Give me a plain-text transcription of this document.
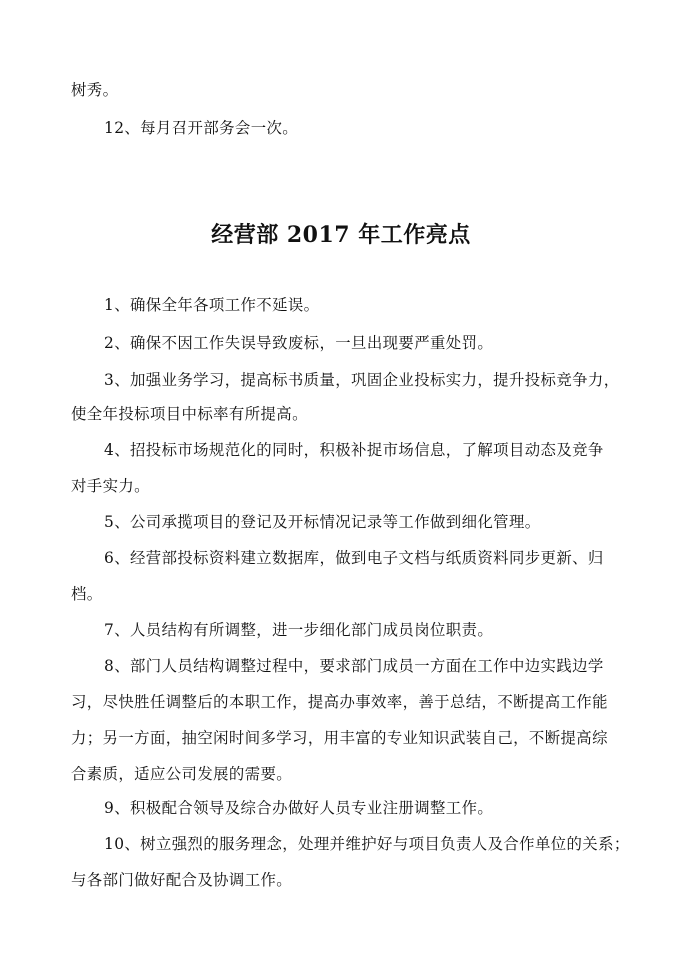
树秀。
12、每月召开部务会一次。
经营部 2017 年工作亮点
1、确保全年各项工作不延误。
2、确保不因工作失误导致废标，一旦出现要严重处罚。
3、加强业务学习，提高标书质量，巩固企业投标实力，提升投标竞争力，
使全年投标项目中标率有所提高。
4、招投标市场规范化的同时，积极补捉市场信息，了解项目动态及竞争
对手实力。
5、公司承揽项目的登记及开标情况记录等工作做到细化管理。
6、经营部投标资料建立数据库，做到电子文档与纸质资料同步更新、归
档。
7、人员结构有所调整，进一步细化部门成员岗位职责。
8、部门人员结构调整过程中，要求部门成员一方面在工作中边实践边学
习，尽快胜任调整后的本职工作，提高办事效率，善于总结，不断提高工作能
力；另一方面，抽空闲时间多学习，用丰富的专业知识武装自己，不断提高综
合素质，适应公司发展的需要。
9、积极配合领导及综合办做好人员专业注册调整工作。
10、树立强烈的服务理念，处理并维护好与项目负责人及合作单位的关系；
与各部门做好配合及协调工作。
